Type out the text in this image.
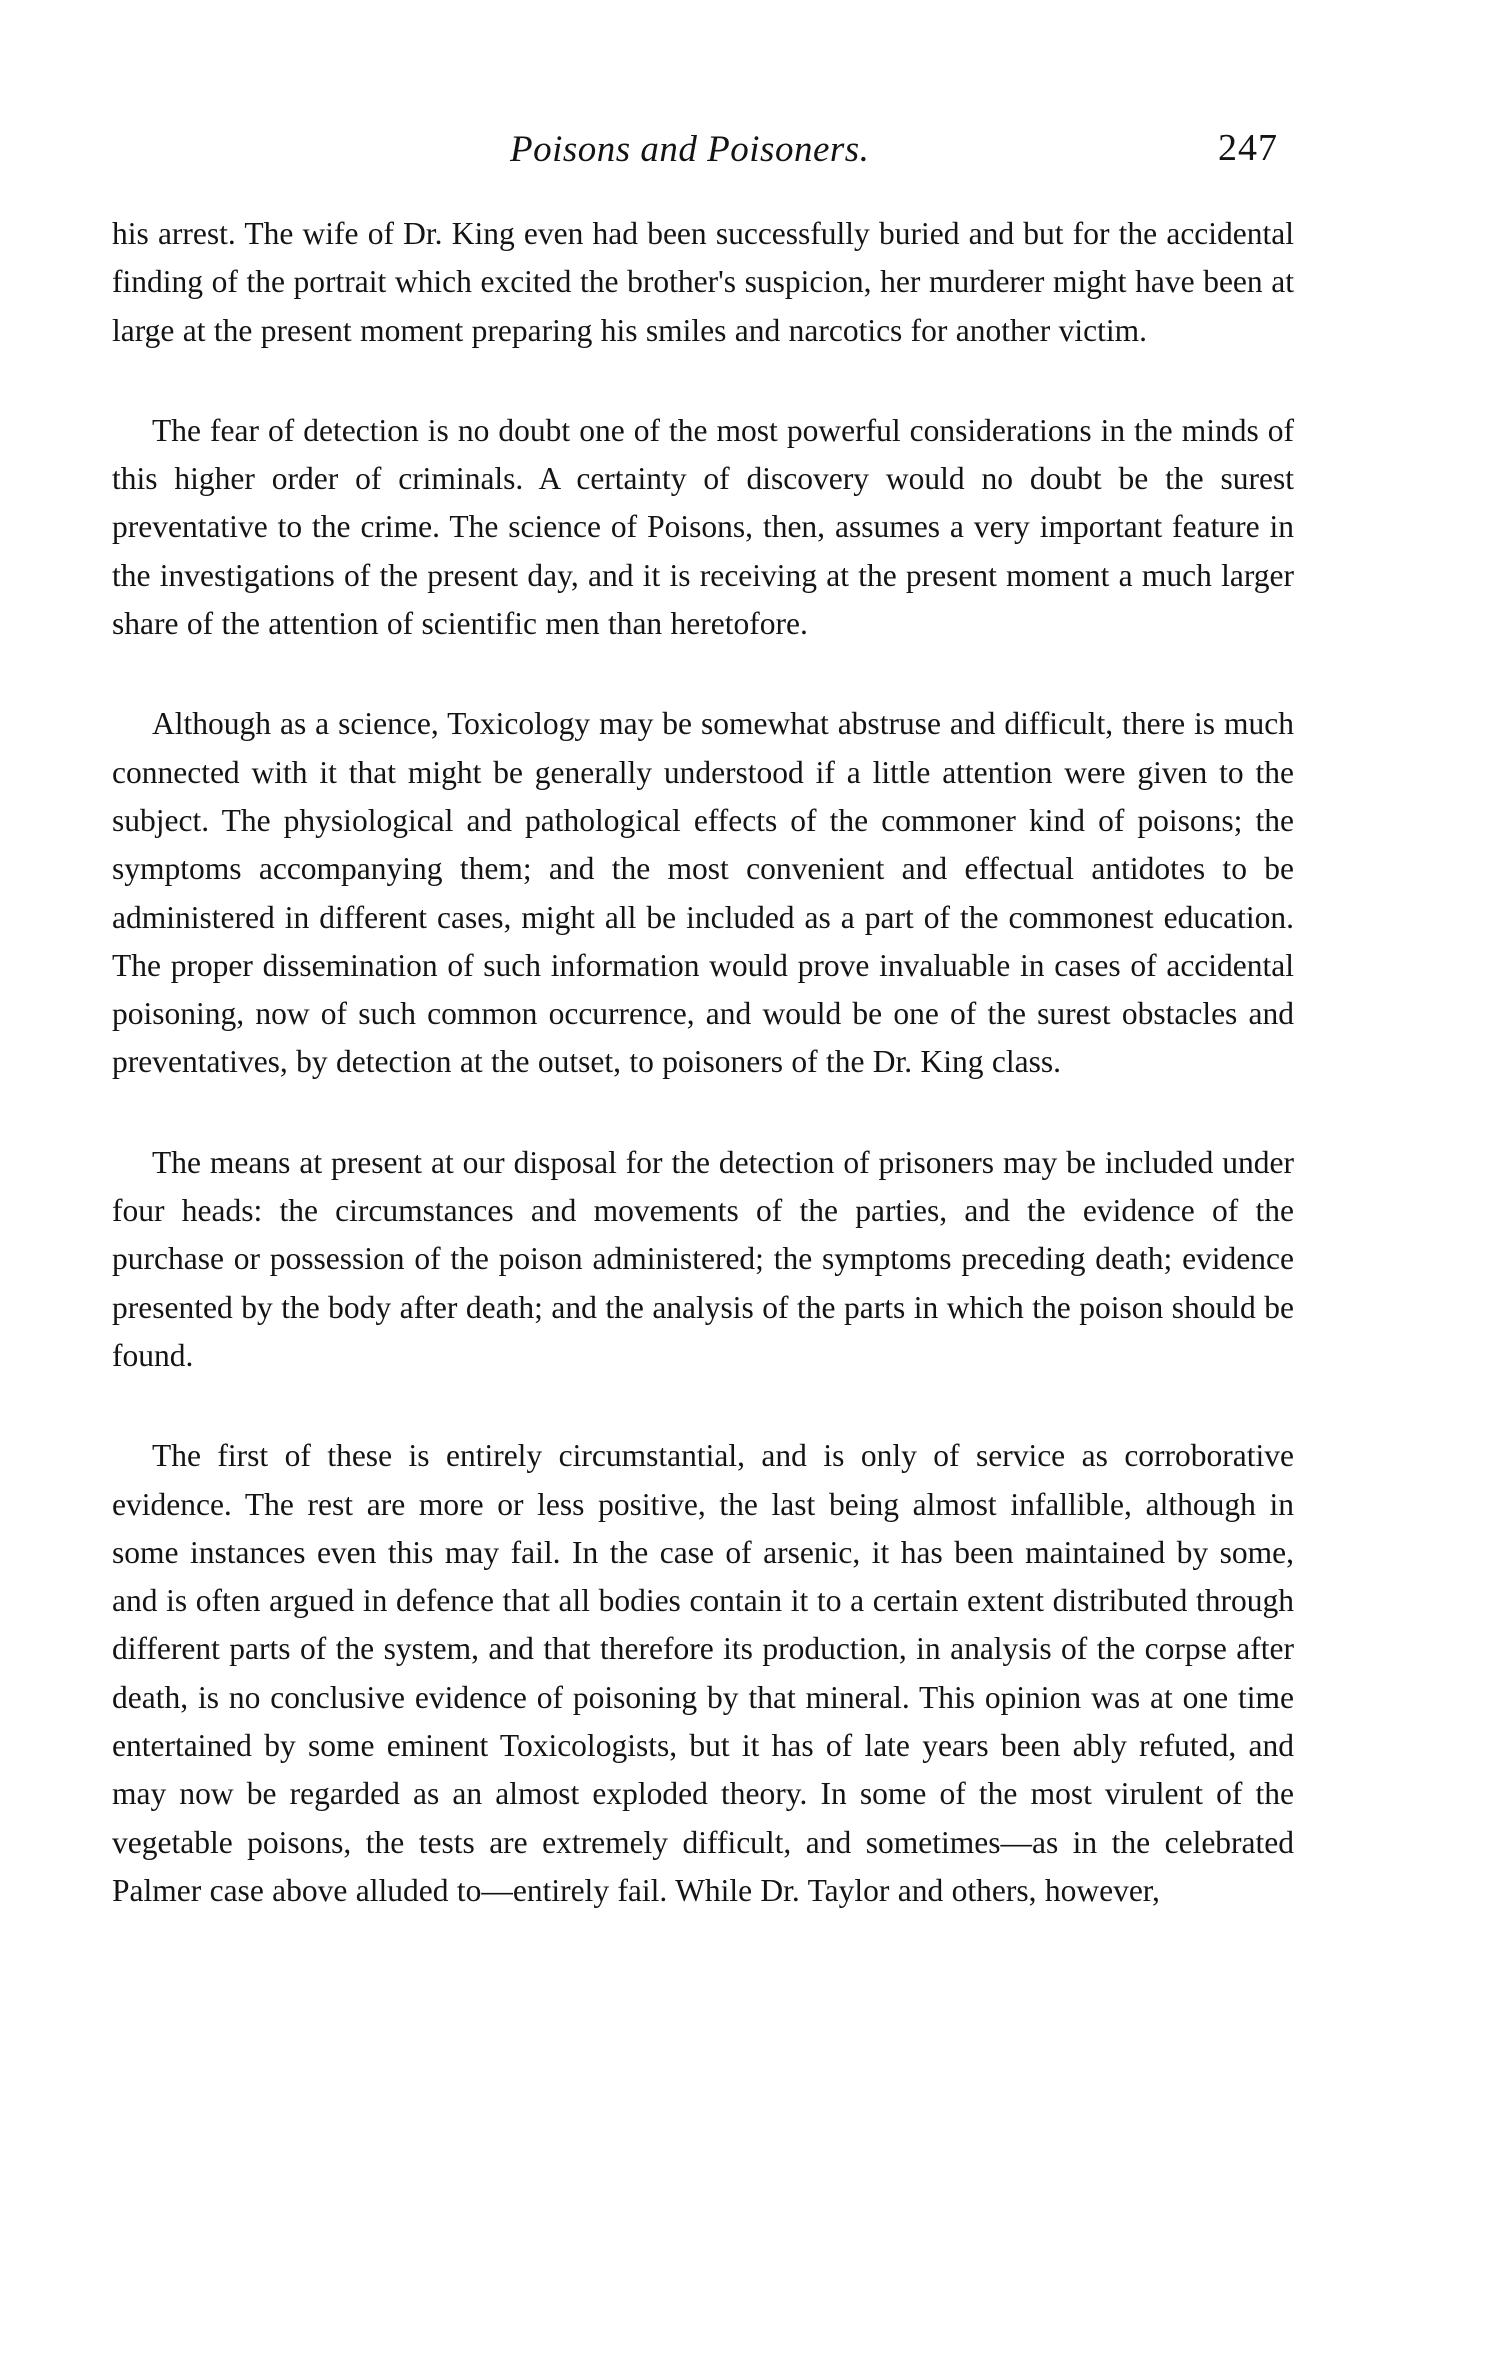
Poisons and Poisoners.	247

his arrest. The wife of Dr. King even had been successfully buried and but for the accidental finding of the portrait which excited the brother's suspicion, her murderer might have been at large at the present moment preparing his smiles and narcotics for another victim.

The fear of detection is no doubt one of the most powerful considerations in the minds of this higher order of criminals. A certainty of discovery would no doubt be the surest preventative to the crime. The science of Poisons, then, assumes a very important feature in the investigations of the present day, and it is receiving at the present moment a much larger share of the attention of scientific men than heretofore.

Although as a science, Toxicology may be somewhat abstruse and difficult, there is much connected with it that might be generally understood if a little attention were given to the subject. The physiological and pathological effects of the commoner kind of poisons; the symptoms accompanying them; and the most convenient and effectual antidotes to be administered in different cases, might all be included as a part of the commonest education. The proper dissemination of such information would prove invaluable in cases of accidental poisoning, now of such common occurrence, and would be one of the surest obstacles and preventatives, by detection at the outset, to poisoners of the Dr. King class.

The means at present at our disposal for the detection of prisoners may be included under four heads: the circumstances and movements of the parties, and the evidence of the purchase or possession of the poison administered; the symptoms preceding death; evidence presented by the body after death; and the analysis of the parts in which the poison should be found.

The first of these is entirely circumstantial, and is only of service as corroborative evidence. The rest are more or less positive, the last being almost infallible, although in some instances even this may fail. In the case of arsenic, it has been maintained by some, and is often argued in defence that all bodies contain it to a certain extent distributed through different parts of the system, and that therefore its production, in analysis of the corpse after death, is no conclusive evidence of poisoning by that mineral. This opinion was at one time entertained by some eminent Toxicologists, but it has of late years been ably refuted, and may now be regarded as an almost exploded theory. In some of the most virulent of the vegetable poisons, the tests are extremely difficult, and sometimes—as in the celebrated Palmer case above alluded to—entirely fail. While Dr. Taylor and others, however,
